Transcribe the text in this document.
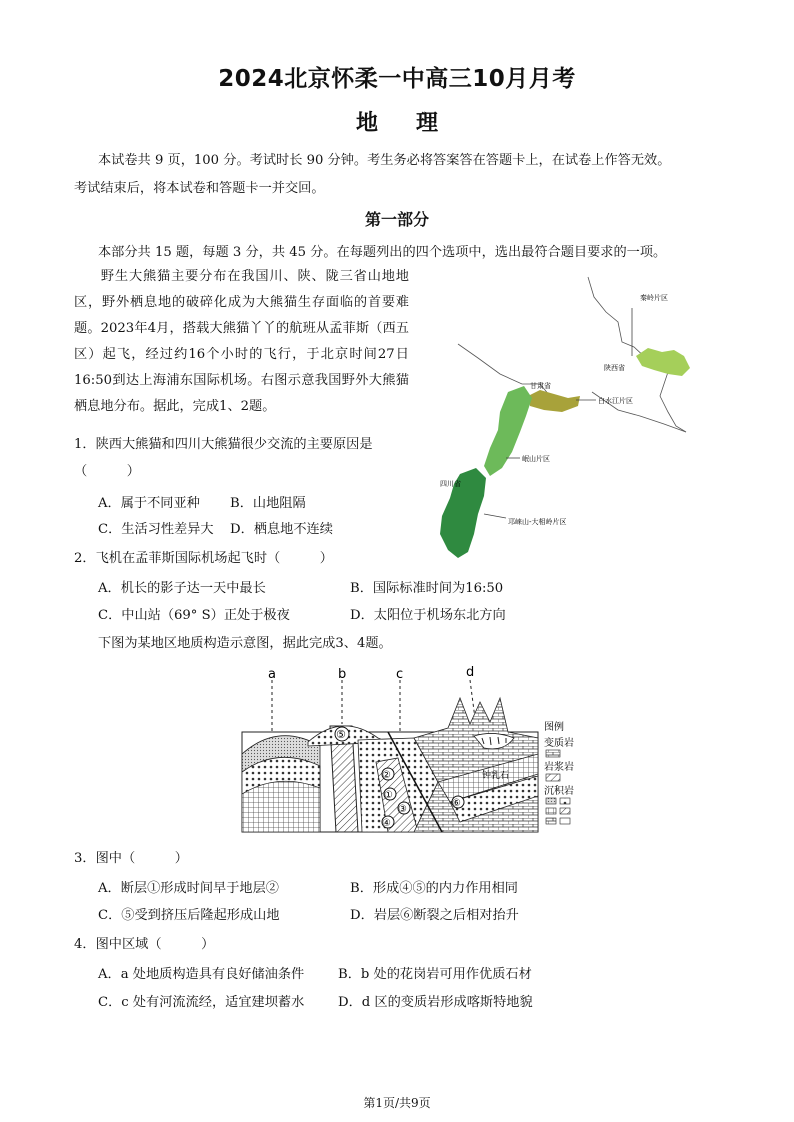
2024北京怀柔一中高三10月月考
地理
本试卷共 9 页，100 分。考试时长 90 分钟。考生务必将答案答在答题卡上，在试卷上作答无效。
考试结束后，将本试卷和答题卡一并交回。
第一部分
本部分共 15 题，每题 3 分，共 45 分。在每题列出的四个选项中，选出最符合题目要求的一项。
野生大熊猫主要分布在我国川、陕、陇三省山地地区，野外栖息地的破碎化成为大熊猫生存面临的首要难题。2023年4月，搭载大熊猫丫丫的航班从孟菲斯（西五区）起飞，经过约16个小时的飞行，于北京时间27日16:50到达上海浦东国际机场。右图示意我国野外大熊猫栖息地分布。据此，完成1、2题。
秦岭片区
陕西省
甘肃省
白水江片区
岷山片区
四川省
邛崃山-大相岭片区
1．陕西大熊猫和四川大熊猫很少交流的主要原因是
（　　　）
A．属于不同亚种 B．山地阻隔
C．生活习性差异大 D．栖息地不连续
2．飞机在孟菲斯国际机场起飞时（　　　）
A．机长的影子达一天中最长	B．国际标准时间为16:50
C．中山站（69° S）正处于极夜	D．太阳位于机场东北方向
下图为某地区地质构造示意图，据此完成3、4题。
a	b	c	d
⑤
①
②
③
④
⑥
钟乳石
图例
变质岩
岩浆岩
沉积岩
3．图中（　　　）
A．断层①形成时间早于地层②	B．形成④⑤的内力作用相同
C．⑤受到挤压后隆起形成山地	D．岩层⑥断裂之后相对抬升
4．图中区域（　　　）
A．a 处地质构造具有良好储油条件	B．b 处的花岗岩可用作优质石材
C．c 处有河流流经，适宜建坝蓄水	D．d 区的变质岩形成喀斯特地貌
第1页/共9页
